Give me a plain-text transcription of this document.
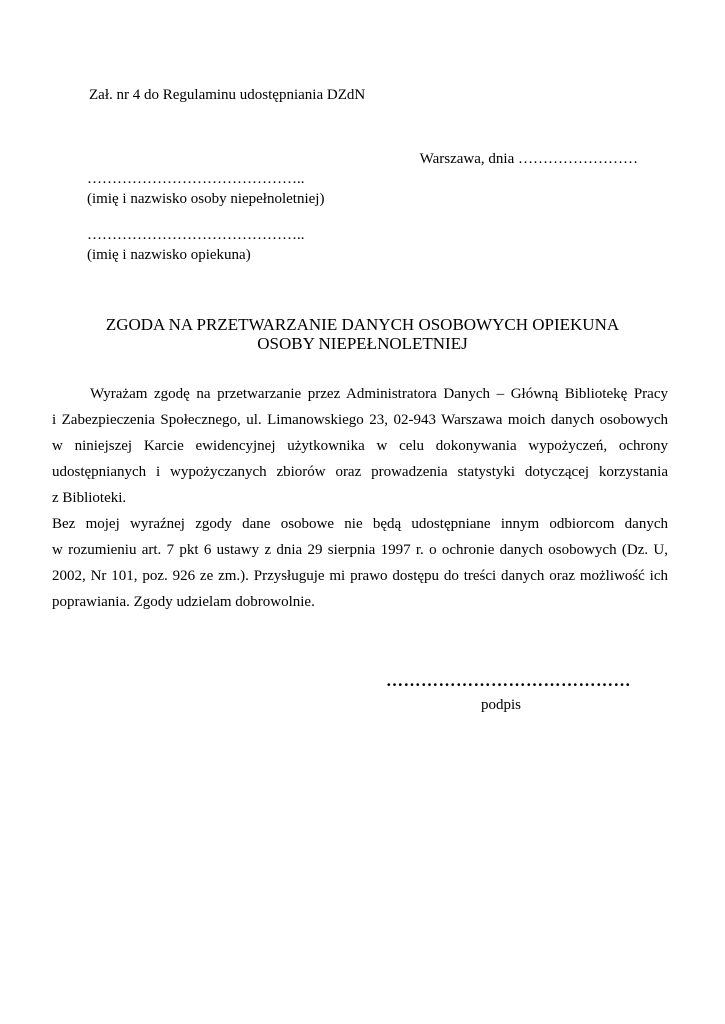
Zał. nr 4 do Regulaminu udostępniania DZdN
Warszawa, dnia ……………………
……………………………………..
(imię i nazwisko osoby niepełnoletniej)
……………………………………..
(imię i nazwisko opiekuna)
ZGODA NA PRZETWARZANIE DANYCH OSOBOWYCH OPIEKUNA
OSOBY NIEPEŁNOLETNIEJ
Wyrażam zgodę na przetwarzanie przez Administratora Danych – Główną Bibliotekę Pracy
i Zabezpieczenia Społecznego, ul. Limanowskiego 23, 02-943 Warszawa moich danych osobowych
w niniejszej Karcie ewidencyjnej użytkownika w celu dokonywania wypożyczeń, ochrony
udostępnianych i wypożyczanych zbiorów oraz prowadzenia statystyki dotyczącej korzystania
z Biblioteki.
Bez mojej wyraźnej zgody dane osobowe nie będą udostępniane innym odbiorcom danych
w rozumieniu art. 7 pkt 6 ustawy z dnia 29 sierpnia 1997 r. o ochronie danych osobowych (Dz. U,
2002, Nr 101, poz. 926 ze zm.). Przysługuje mi prawo dostępu do treści danych oraz możliwość ich
poprawiania. Zgody udzielam dobrowolnie.
……………………………………
podpis
